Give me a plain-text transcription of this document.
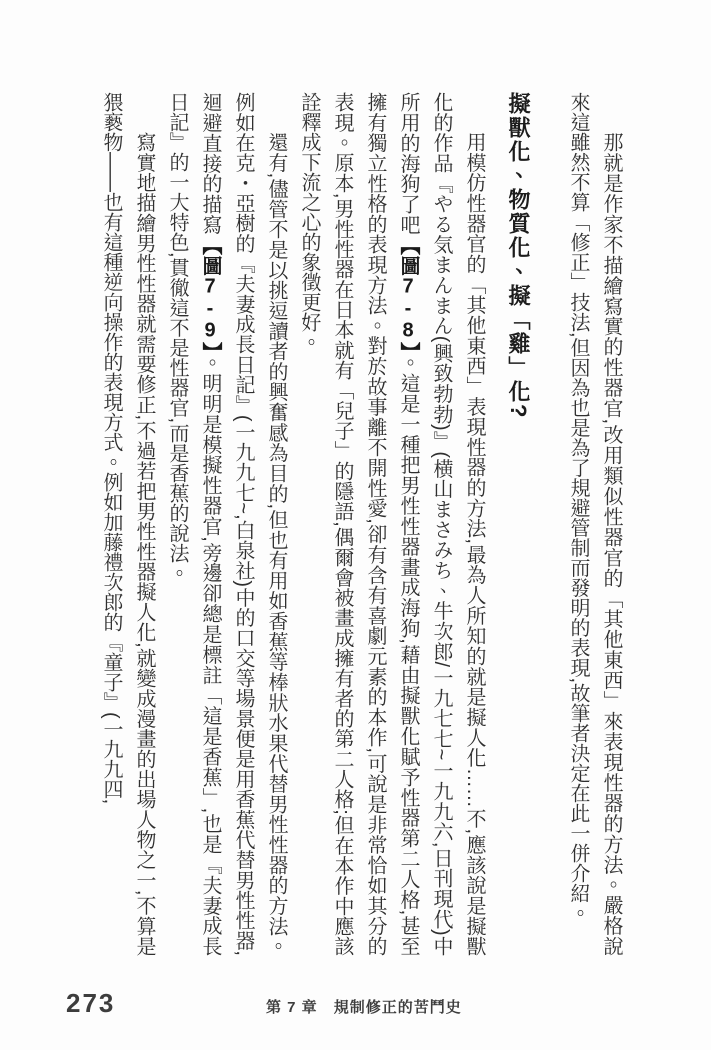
那就是作家不描繪寫實的性器官,改用類似性器官的「其他東西」來表現性器的方法。嚴格說來這雖然不算「修正」技法,但因為也是為了規避管制而發明的表現,故筆者決定在此一併介紹。

擬獸化、物質化、擬「雞」化?

用模仿性器官的「其他東西」表現性器的方法,最為人所知的就是擬人化……不,應該說是擬獸化的作品『やる気まんまん(興致勃勃)』(横山まさみち、牛次郎/一九七七~一九九六,日刊現代)中所用的海狗了吧【圖7-8】。這是一種把男性性器畫成海狗,藉由擬獸化賦予性器第二人格,甚至擁有獨立性格的表現方法。對於故事離不開性愛,卻有含有喜劇元素的本作,可說是非常恰如其分的表現。原本,男性性器在日本就有「兒子」的隱語,偶爾會被畫成擁有者的第二人格;但在本作中應該詮釋成下流之心的象徵更好。

還有,儘管不是以挑逗讀者的興奮感為目的,但也有用如香蕉等棒狀水果代替男性性器的方法。例如在克・亞樹的『夫妻成長日記』(一九九七~,白泉社)中的口交等場景便是用香蕉代替男性性器,迴避直接的描寫【圖7-9】。明明是模擬性器官,旁邊卻總是標註「這是香蕉」,也是『夫妻成長日記』的一大特色,貫徹這不是性器官,而是香蕉的說法。

寫實地描繪男性性器就需要修正,不過若把男性性器擬人化,就變成漫畫的出場人物之一,不算是猥褻物——也有這種逆向操作的表現方式。例如加藤禮次郎的『童子』(一九九四,

273	第 7 章 規制修正的苦鬥史
